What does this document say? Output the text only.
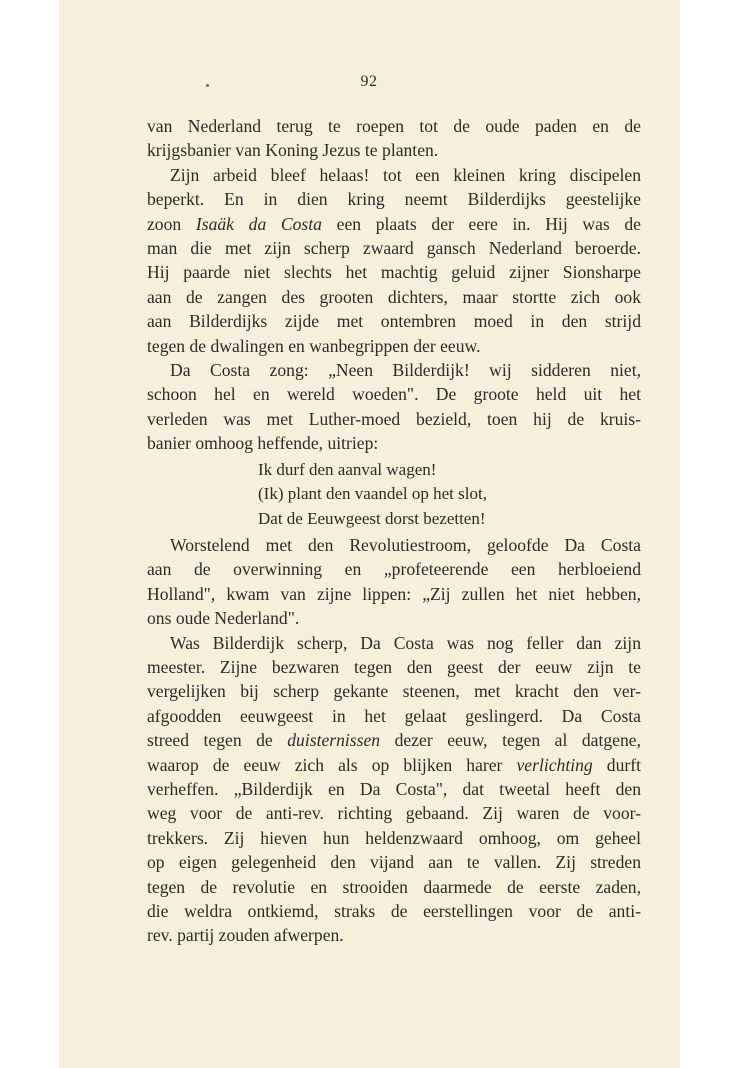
92

van Nederland terug te roepen tot de oude paden en de

krijgsbanier van Koning Jezus te planten.

Zijn arbeid bleef helaas! tot een kleinen kring discipelen

beperkt. En in dien kring neemt Bilderdijks geestelijke

zoon Isaäk da Costa een plaats der eere in. Hij was de

man die met zijn scherp zwaard gansch Nederland beroerde.

Hij paarde niet slechts het machtig geluid zijner Sionsharpe

aan de zangen des grooten dichters, maar stortte zich ook

aan Bilderdijks zijde met ontembren moed in den strijd

tegen de dwalingen en wanbegrippen der eeuw.

Da Costa zong: „Neen Bilderdijk! wij sidderen niet,

schoon hel en wereld woeden". De groote held uit het

verleden was met Luther-moed bezield, toen hij de kruis-

banier omhoog heffende, uitriep:

Ik durf den aanval wagen!
(Ik) plant den vaandel op het slot,
Dat de Eeuwgeest dorst bezetten!

Worstelend met den Revolutiestroom, geloofde Da Costa

aan de overwinning en „profeteerende een herbloeiend

Holland", kwam van zijne lippen: „Zij zullen het niet hebben,

ons oude Nederland".

Was Bilderdijk scherp, Da Costa was nog feller dan zijn

meester. Zijne bezwaren tegen den geest der eeuw zijn te

vergelijken bij scherp gekante steenen, met kracht den ver-

afgoodden eeuwgeest in het gelaat geslingerd. Da Costa

streed tegen de duisternissen dezer eeuw, tegen al datgene,

waarop de eeuw zich als op blijken harer verlichting durft

verheffen. „Bilderdijk en Da Costa", dat tweetal heeft den

weg voor de anti-rev. richting gebaand. Zij waren de voor-

trekkers. Zij hieven hun heldenzwaard omhoog, om geheel

op eigen gelegenheid den vijand aan te vallen. Zij streden

tegen de revolutie en strooiden daarmede de eerste zaden,

die weldra ontkiemd, straks de eerstellingen voor de anti-

rev. partij zouden afwerpen.
